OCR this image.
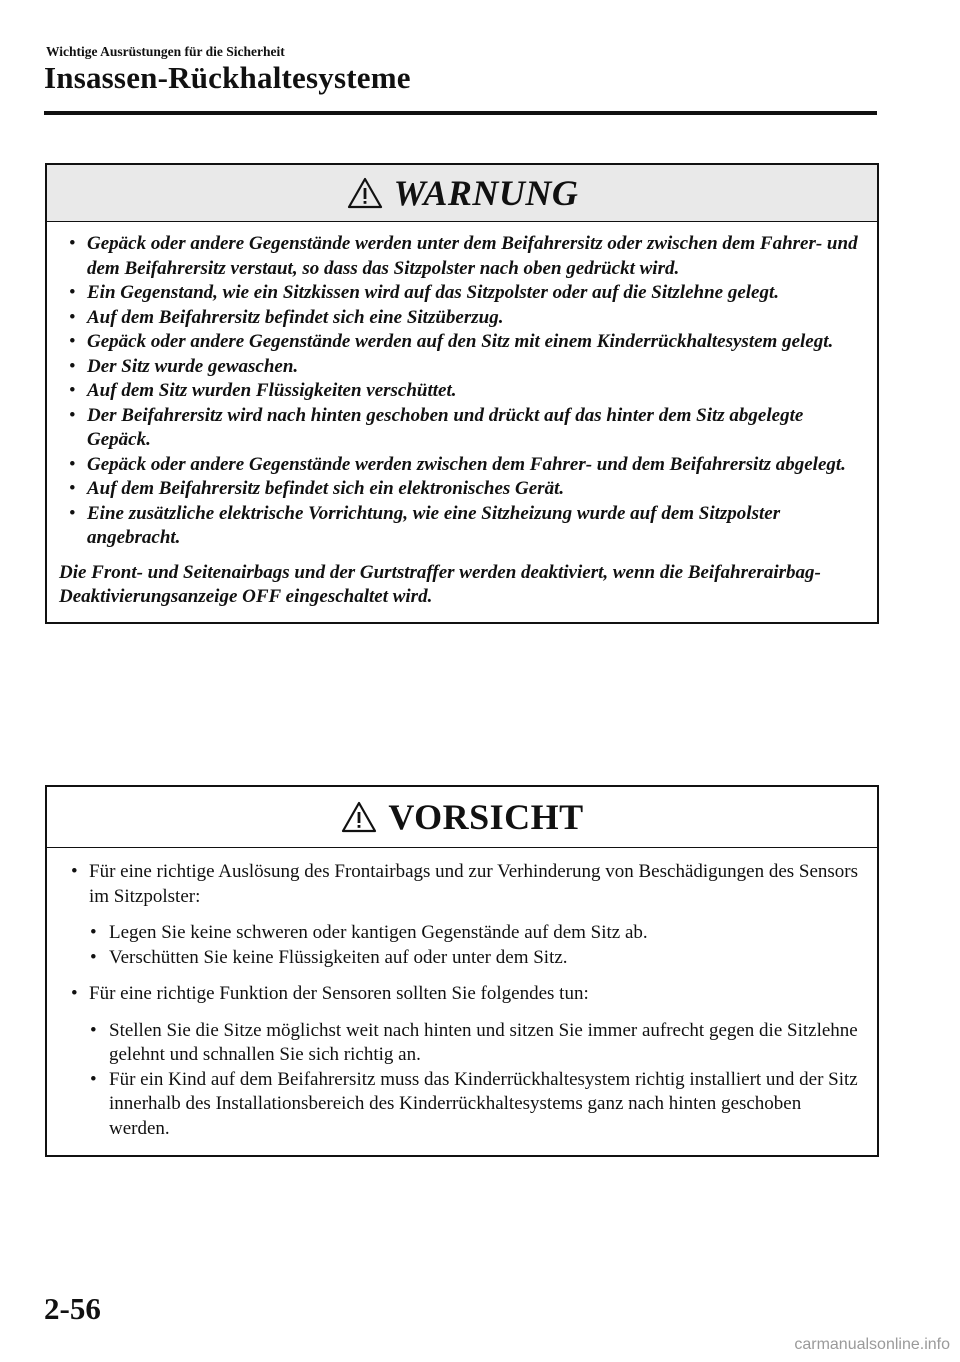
Wichtige Ausrüstungen für die Sicherheit
Insassen-Rückhaltesysteme
WARNUNG
• Gepäck oder andere Gegenstände werden unter dem Beifahrersitz oder zwischen dem Fahrer- und dem Beifahrersitz verstaut, so dass das Sitzpolster nach oben gedrückt wird.
• Ein Gegenstand, wie ein Sitzkissen wird auf das Sitzpolster oder auf die Sitzlehne gelegt.
• Auf dem Beifahrersitz befindet sich eine Sitzüberzug.
• Gepäck oder andere Gegenstände werden auf den Sitz mit einem Kinderrückhaltesystem gelegt.
• Der Sitz wurde gewaschen.
• Auf dem Sitz wurden Flüssigkeiten verschüttet.
• Der Beifahrersitz wird nach hinten geschoben und drückt auf das hinter dem Sitz abgelegte Gepäck.
• Gepäck oder andere Gegenstände werden zwischen dem Fahrer- und dem Beifahrersitz abgelegt.
• Auf dem Beifahrersitz befindet sich ein elektronisches Gerät.
• Eine zusätzliche elektrische Vorrichtung, wie eine Sitzheizung wurde auf dem Sitzpolster angebracht.

Die Front- und Seitenairbags und der Gurtstraffer werden deaktiviert, wenn die Beifahrerairbag-Deaktivierungsanzeige OFF eingeschaltet wird.

VORSICHT
• Für eine richtige Auslösung des Frontairbags und zur Verhinderung von Beschädigungen des Sensors im Sitzpolster:
• Legen Sie keine schweren oder kantigen Gegenstände auf dem Sitz ab.
• Verschütten Sie keine Flüssigkeiten auf oder unter dem Sitz.
• Für eine richtige Funktion der Sensoren sollten Sie folgendes tun:
• Stellen Sie die Sitze möglichst weit nach hinten und sitzen Sie immer aufrecht gegen die Sitzlehne gelehnt und schnallen Sie sich richtig an.
• Für ein Kind auf dem Beifahrersitz muss das Kinderrückhaltesystem richtig installiert und der Sitz innerhalb des Installationsbereich des Kinderrückhaltesystems ganz nach hinten geschoben werden.
2-56
carmanualsonline.info
